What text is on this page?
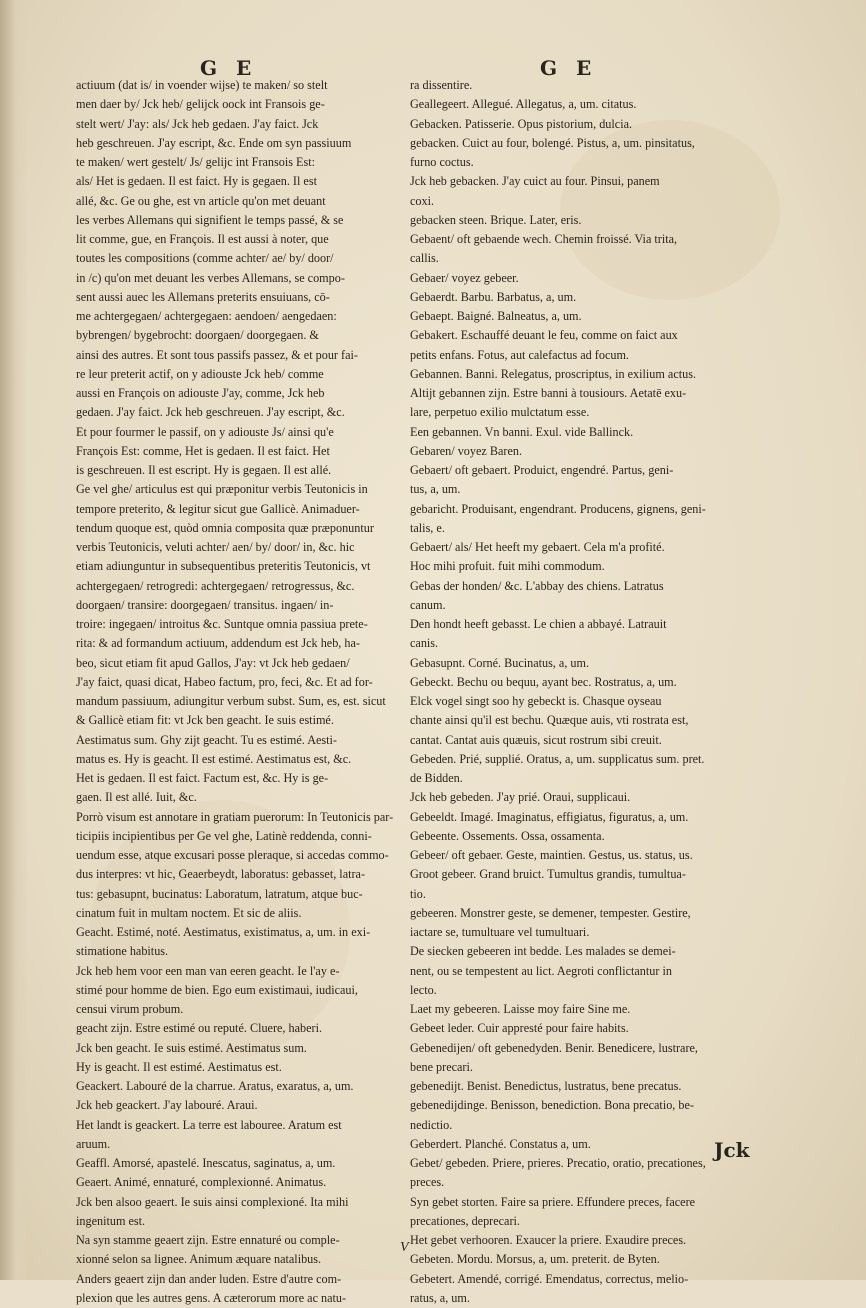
G E	G E
actiuum (dat is/ in voender wijse) te maken/ so stelt
men daer by/ Jck heb/ gelijck oock int Fransois ge-
stelt wert/ J'ay: als/ Jck heb gedaen. J'ay faict. Jck
heb geschreuen. J'ay escript, &c. Ende om syn passiuum
te maken/ wert gestelt/ Js/ gelijc int Fransois Est:
als/ Het is gedaen. Il est faict. Hy is gegaen. Il est
allé, &c. Ge ou ghe, est vn article qu'on met deuant
les verbes Allemans qui signifient le temps passé, & se
lit comme, gue, en François. Il est aussi à noter, que
toutes les compositions (comme achter/ ae/ by/ door/
in /c) qu'on met deuant les verbes Allemans, se compo-
sent aussi auec les Allemans preterits ensuiuans, cō-
me achtergegaen/ achtergegaen: aendoen/ aengedaen:
bybrengen/ bygebrocht: doorgaen/ doorgegaen. &
ainsi des autres. Et sont tous passifs passez, & et pour fai-
re leur preterit actif, on y adiouste Jck heb/ comme
aussi en François on adiouste J'ay, comme, Jck heb
gedaen. J'ay faict. Jck heb geschreuen. J'ay escript, &c.
Et pour fourmer le passif, on y adiouste Js/ ainsi qu'e
François Est: comme, Het is gedaen. Il est faict. Het
is geschreuen. Il est escript. Hy is gegaen. Il est allé.
Ge vel ghe/ articulus est qui præponitur verbis Teutonicis in
tempore preterito, & legitur sicut gue Gallicè. Animaduer-
tendum quoque est, quòd omnia composita quæ præponuntur
verbis Teutonicis, veluti achter/ aen/ by/ door/ in, &c. hic
etiam adiunguntur in subsequentibus preteritis Teutonicis, vt
achtergegaen/ retrogredi: achtergegaen/ retrogressus, &c.
doorgaen/ transire: doorgegaen/ transitus. ingaen/ in-
troire: ingegaen/ introitus &c. Suntque omnia passiua prete-
rita: & ad formandum actiuum, addendum est Jck heb, ha-
beo, sicut etiam fit apud Gallos, J'ay: vt Jck heb gedaen/
J'ay faict, quasi dicat, Habeo factum, pro, feci, &c. Et ad for-
mandum passiuum, adiungitur verbum subst. Sum, es, est. sicut
& Gallicè etiam fit: vt Jck ben geacht. Ie suis estimé.
Aestimatus sum. Ghy zijt geacht. Tu es estimé. Aesti-
matus es. Hy is geacht. Il est estimé. Aestimatus est, &c.
Het is gedaen. Il est faict. Factum est, &c. Hy is ge-
gaen. Il est allé. Iuit, &c.
Porrò visum est annotare in gratiam puerorum: In Teutonicis par-
ticipiis incipientibus per Ge vel ghe, Latinè reddenda, conni-
uendum esse, atque excusari posse pleraque, si accedas commo-
dus interpres: vt hic, Geaerbeydt, laboratus: gebasset, latra-
tus: gebasupnt, bucinatus: Laboratum, latratum, atque buc-
cinatum fuit in multam noctem. Et sic de aliis.
Geacht. Estimé, noté. Aestimatus, existimatus, a, um. in exi-
stimatione habitus.
Jck heb hem voor een man van eeren geacht. Ie l'ay e-
stimé pour homme de bien. Ego eum existimaui, iudicaui,
censui virum probum.
geacht zijn. Estre estimé ou reputé. Cluere, haberi.
Jck ben geacht. Ie suis estimé. Aestimatus sum.
Hy is geacht. Il est estimé. Aestimatus est.
Geackert. Labouré de la charrue. Aratus, exaratus, a, um.
Jck heb geackert. J'ay labouré. Araui.
Het landt is geackert. La terre est labouree. Aratum est
aruum.
Geaffl. Amorsé, apastelé. Inescatus, saginatus, a, um.
Geaert. Animé, ennaturé, complexionné. Animatus.
Jck ben alsoo geaert. Ie suis ainsi complexioné. Ita mihi
ingenitum est.
Na syn stamme geaert zijn. Estre ennaturé ou comple-
xionné selon sa lignee. Animum æquare natalibus.
Anders geaert zijn dan ander luden. Estre d'autre com-
plexion que les autres gens. A cæterorum more ac natu-
ra dissentire.
Geallegeert. Allegué. Allegatus, a, um. citatus.
Gebacken. Patisserie. Opus pistorium, dulcia.
gebacken. Cuict au four, bolengé. Pistus, a, um. pinsitatus,
furno coctus.
Jck heb gebacken. J'ay cuict au four. Pinsui, panem
coxi.
gebacken steen. Brique. Later, eris.
Gebaent/ oft gebaende wech. Chemin froissé. Via trita,
callis.
Gebaer/ voyez gebeer.
Gebaerdt. Barbu. Barbatus, a, um.
Gebaept. Baigné. Balneatus, a, um.
Gebakert. Eschauffé deuant le feu, comme on faict aux
petits enfans. Fotus, aut calefactus ad focum.
Gebannen. Banni. Relegatus, proscriptus, in exilium actus.
Altijt gebannen zijn. Estre banni à tousiours. Aetatē exu-
lare, perpetuo exilio mulctatum esse.
Een gebannen. Vn banni. Exul. vide Ballinck.
Gebaren/ voyez Baren.
Gebaert/ oft gebaert. Produict, engendré. Partus, geni-
tus, a, um.
gebaricht. Produisant, engendrant. Producens, gignens, geni-
talis, e.
Gebaert/ als/ Het heeft my gebaert. Cela m'a profité.
Hoc mihi profuit. fuit mihi commodum.
Gebas der honden/ &c. L'abbay des chiens. Latratus
canum.
Den hondt heeft gebasst. Le chien a abbayé. Latrauit
canis.
Gebasupnt. Corné. Bucinatus, a, um.
Gebeckt. Bechu ou bequu, ayant bec. Rostratus, a, um.
Elck vogel singt soo hy gebeckt is. Chasque oyseau
chante ainsi qu'il est bechu. Quæque auis, vti rostrata est,
cantat. Cantat auis quæuis, sicut rostrum sibi creuit.
Gebeden. Prié, supplié. Oratus, a, um. supplicatus sum. pret.
de Bidden.
Jck heb gebeden. J'ay prié. Oraui, supplicaui.
Gebeeldt. Imagé. Imaginatus, effigiatus, figuratus, a, um.
Gebeente. Ossements. Ossa, ossamenta.
Gebeer/ oft gebaer. Geste, maintien. Gestus, us. status, us.
Groot gebeer. Grand bruict. Tumultus grandis, tumultua-
tio.
gebeeren. Monstrer geste, se demener, tempester. Gestire,
iactare se, tumultuare vel tumultuari.
De siecken gebeeren int bedde. Les malades se demei-
nent, ou se tempestent au lict. Aegroti conflictantur in
lecto.
Laet my gebeeren. Laisse moy faire Sine me.
Gebeet leder. Cuir appresté pour faire habits.
Gebenedijen/ oft gebenedyden. Benir. Benedicere, lustrare,
bene precari.
gebenedijt. Benist. Benedictus, lustratus, bene precatus.
gebenedijdinge. Benisson, benediction. Bona precatio, be-
nedictio.
Geberdert. Planché. Constatus a, um.
Gebet/ gebeden. Priere, prieres. Precatio, oratio, precationes,
preces.
Syn gebet storten. Faire sa priere. Effundere preces, facere
precationes, deprecari.
Het gebet verhooren. Exaucer la priere. Exaudire preces.
Gebeten. Mordu. Morsus, a, um. preterit. de Byten.
Gebetert. Amendé, corrigé. Emendatus, correctus, melio-
ratus, a, um.
Jck
V
